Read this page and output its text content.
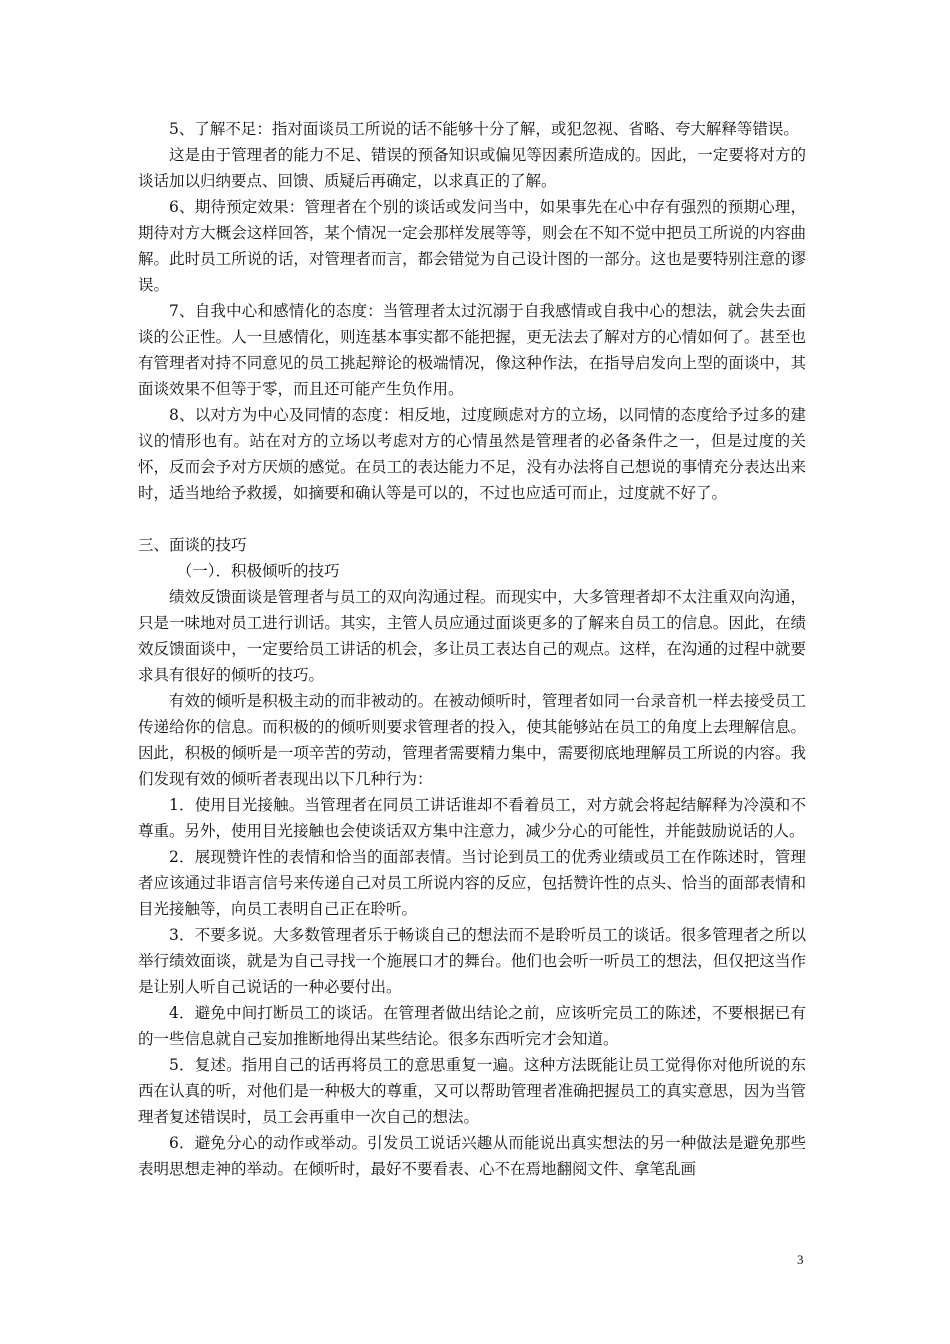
5、了解不足：指对面谈员工所说的话不能够十分了解，或犯忽视、省略、夸大解释等错误。

这是由于管理者的能力不足、错误的预备知识或偏见等因素所造成的。因此，一定要将对方的谈话加以归纳要点、回馈、质疑后再确定，以求真正的了解。

6、期待预定效果：管理者在个别的谈话或发问当中，如果事先在心中存有强烈的预期心理，期待对方大概会这样回答，某个情况一定会那样发展等等，则会在不知不觉中把员工所说的内容曲解。此时员工所说的话，对管理者而言，都会错觉为自己设计图的一部分。这也是要特别注意的谬误。

7、自我中心和感情化的态度：当管理者太过沉溺于自我感情或自我中心的想法，就会失去面谈的公正性。人一旦感情化，则连基本事实都不能把握，更无法去了解对方的心情如何了。甚至也有管理者对持不同意见的员工挑起辩论的极端情况，像这种作法，在指导启发向上型的面谈中，其面谈效果不但等于零，而且还可能产生负作用。

8、以对方为中心及同情的态度：相反地，过度顾虑对方的立场，以同情的态度给予过多的建议的情形也有。站在对方的立场以考虑对方的心情虽然是管理者的必备条件之一，但是过度的关怀，反而会予对方厌烦的感觉。在员工的表达能力不足，没有办法将自己想说的事情充分表达出来时，适当地给予救援，如摘要和确认等是可以的，不过也应适可而止，过度就不好了。

三、面谈的技巧

（一）．积极倾听的技巧

绩效反馈面谈是管理者与员工的双向沟通过程。而现实中，大多管理者却不太注重双向沟通，只是一味地对员工进行训话。其实，主管人员应通过面谈更多的了解来自员工的信息。因此，在绩效反馈面谈中，一定要给员工讲话的机会，多让员工表达自己的观点。这样，在沟通的过程中就要求具有很好的倾听的技巧。

有效的倾听是积极主动的而非被动的。在被动倾听时，管理者如同一台录音机一样去接受员工传递给你的信息。而积极的的倾听则要求管理者的投入，使其能够站在员工的角度上去理解信息。因此，积极的倾听是一项辛苦的劳动，管理者需要精力集中，需要彻底地理解员工所说的内容。我们发现有效的倾听者表现出以下几种行为：

1．使用目光接触。当管理者在同员工讲话谁却不看着员工，对方就会将起结解释为冷漠和不尊重。另外，使用目光接触也会使谈话双方集中注意力，减少分心的可能性，并能鼓励说话的人。

2．展现赞许性的表情和恰当的面部表情。当讨论到员工的优秀业绩或员工在作陈述时，管理者应该通过非语言信号来传递自己对员工所说内容的反应，包括赞许性的点头、恰当的面部表情和目光接触等，向员工表明自己正在聆听。

3．不要多说。大多数管理者乐于畅谈自己的想法而不是聆听员工的谈话。很多管理者之所以举行绩效面谈，就是为自己寻找一个施展口才的舞台。他们也会听一听员工的想法，但仅把这当作是让别人听自己说话的一种必要付出。

4．避免中间打断员工的谈话。在管理者做出结论之前，应该听完员工的陈述，不要根据已有的一些信息就自己妄加推断地得出某些结论。很多东西听完才会知道。

5．复述。指用自己的话再将员工的意思重复一遍。这种方法既能让员工觉得你对他所说的东西在认真的听，对他们是一种极大的尊重，又可以帮助管理者准确把握员工的真实意思，因为当管理者复述错误时，员工会再重申一次自己的想法。

6．避免分心的动作或举动。引发员工说话兴趣从而能说出真实想法的另一种做法是避免那些表明思想走神的举动。在倾听时，最好不要看表、心不在焉地翻阅文件、拿笔乱画

3
